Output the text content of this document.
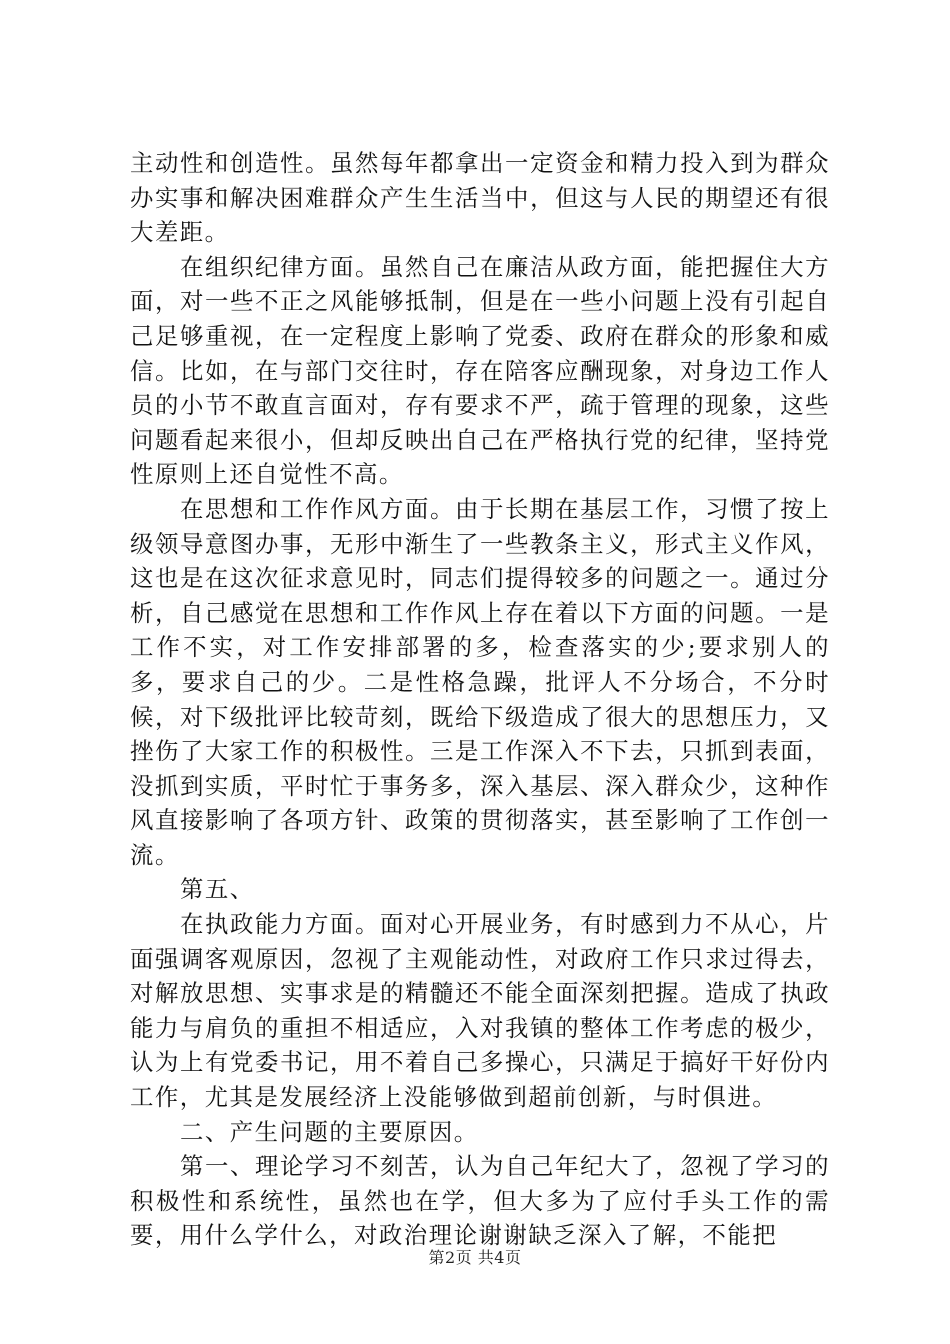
主动性和创造性。虽然每年都拿出一定资金和精力投入到为群众办实事和解决困难群众产生生活当中，但这与人民的期望还有很大差距。

在组织纪律方面。虽然自己在廉洁从政方面，能把握住大方面，对一些不正之风能够抵制，但是在一些小问题上没有引起自己足够重视，在一定程度上影响了党委、政府在群众的形象和威信。比如，在与部门交往时，存在陪客应酬现象，对身边工作人员的小节不敢直言面对，存有要求不严，疏于管理的现象，这些问题看起来很小，但却反映出自己在严格执行党的纪律，坚持党性原则上还自觉性不高。

在思想和工作作风方面。由于长期在基层工作，习惯了按上级领导意图办事，无形中渐生了一些教条主义，形式主义作风，这也是在这次征求意见时，同志们提得较多的问题之一。通过分析，自己感觉在思想和工作作风上存在着以下方面的问题。一是工作不实，对工作安排部署的多，检查落实的少;要求别人的多，要求自己的少。二是性格急躁，批评人不分场合，不分时候，对下级批评比较苛刻，既给下级造成了很大的思想压力，又挫伤了大家工作的积极性。三是工作深入不下去，只抓到表面，没抓到实质，平时忙于事务多，深入基层、深入群众少，这种作风直接影响了各项方针、政策的贯彻落实，甚至影响了工作创一流。

第五、

在执政能力方面。面对心开展业务，有时感到力不从心，片面强调客观原因，忽视了主观能动性，对政府工作只求过得去，对解放思想、实事求是的精髓还不能全面深刻把握。造成了执政能力与肩负的重担不相适应，入对我镇的整体工作考虑的极少，认为上有党委书记，用不着自己多操心，只满足于搞好干好份内工作，尤其是发展经济上没能够做到超前创新，与时俱进。

二、产生问题的主要原因。

第一、理论学习不刻苦，认为自己年纪大了，忽视了学习的积极性和系统性，虽然也在学，但大多为了应付手头工作的需要，用什么学什么，对政治理论谢谢缺乏深入了解，不能把

第2页 共4页
